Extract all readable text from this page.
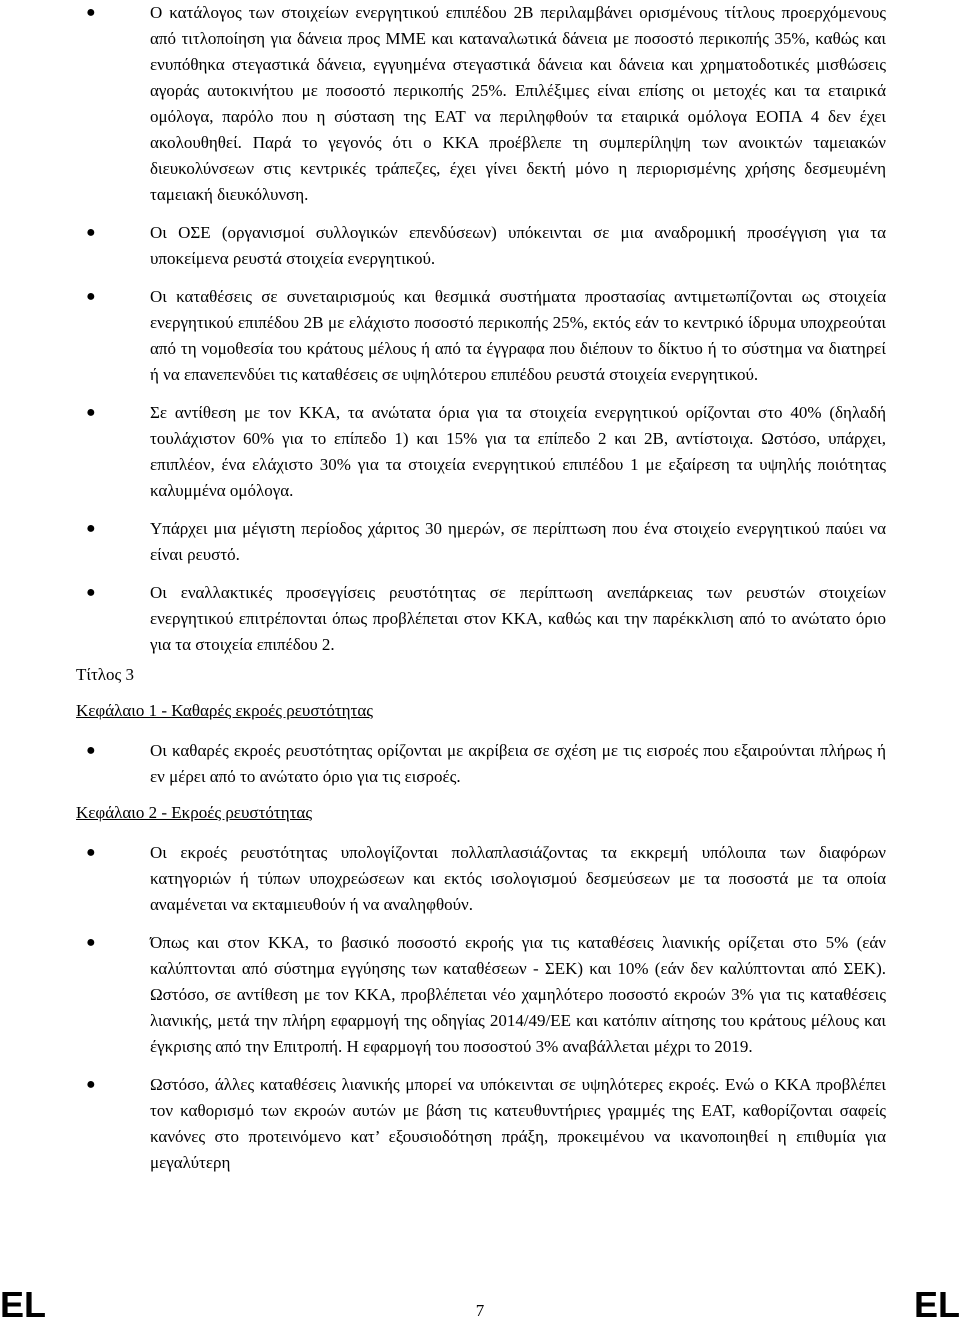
●	Ο κατάλογος των στοιχείων ενεργητικού επιπέδου 2Β περιλαμβάνει ορισμένους τίτλους προερχόμενους από τιτλοποίηση για δάνεια προς ΜΜΕ και καταναλωτικά δάνεια με ποσοστό περικοπής 35%, καθώς και ενυπόθηκα στεγαστικά δάνεια, εγγυημένα στεγαστικά δάνεια και δάνεια και χρηματοδοτικές μισθώσεις αγοράς αυτοκινήτου με ποσοστό περικοπής 25%. Επιλέξιμες είναι επίσης οι μετοχές και τα εταιρικά ομόλογα, παρόλο που η σύσταση της ΕΑΤ να περιληφθούν τα εταιρικά ομόλογα ΕΟΠΑ 4 δεν έχει ακολουθηθεί. Παρά το γεγονός ότι ο ΚΚΑ προέβλεπε τη συμπερίληψη των ανοικτών ταμειακών διευκολύνσεων στις κεντρικές τράπεζες, έχει γίνει δεκτή μόνο η περιορισμένης χρήσης δεσμευμένη ταμειακή διευκόλυνση.
●	Οι ΟΣΕ (οργανισμοί συλλογικών επενδύσεων) υπόκεινται σε μια αναδρομική προσέγγιση για τα υποκείμενα ρευστά στοιχεία ενεργητικού.
●	Οι καταθέσεις σε συνεταιρισμούς και θεσμικά συστήματα προστασίας αντιμετωπίζονται ως στοιχεία ενεργητικού επιπέδου 2Β με ελάχιστο ποσοστό περικοπής 25%, εκτός εάν το κεντρικό ίδρυμα υποχρεούται από τη νομοθεσία του κράτους μέλους ή από τα έγγραφα που διέπουν το δίκτυο ή το σύστημα να διατηρεί ή να επανεπενδύει τις καταθέσεις σε υψηλότερου επιπέδου ρευστά στοιχεία ενεργητικού.
●	Σε αντίθεση με τον ΚΚΑ, τα ανώτατα όρια για τα στοιχεία ενεργητικού ορίζονται στο 40% (δηλαδή τουλάχιστον 60% για το επίπεδο 1) και 15% για τα επίπεδο 2 και 2Β, αντίστοιχα. Ωστόσο, υπάρχει, επιπλέον, ένα ελάχιστο 30% για τα στοιχεία ενεργητικού επιπέδου 1 με εξαίρεση τα υψηλής ποιότητας καλυμμένα ομόλογα.
●	Υπάρχει μια μέγιστη περίοδος χάριτος 30 ημερών, σε περίπτωση που ένα στοιχείο ενεργητικού παύει να είναι ρευστό.
●	Οι εναλλακτικές προσεγγίσεις ρευστότητας σε περίπτωση ανεπάρκειας των ρευστών στοιχείων ενεργητικού επιτρέπονται όπως προβλέπεται στον ΚΚΑ, καθώς και την παρέκκλιση από το ανώτατο όριο για τα στοιχεία επιπέδου 2.
Τίτλος 3
Κεφάλαιο 1 - Καθαρές εκροές ρευστότητας
●	Οι καθαρές εκροές ρευστότητας ορίζονται με ακρίβεια σε σχέση με τις εισροές που εξαιρούνται πλήρως ή εν μέρει από το ανώτατο όριο για τις εισροές.
Κεφάλαιο 2 - Εκροές ρευστότητας
●	Οι εκροές ρευστότητας υπολογίζονται πολλαπλασιάζοντας τα εκκρεμή υπόλοιπα των διαφόρων κατηγοριών ή τύπων υποχρεώσεων και εκτός ισολογισμού δεσμεύσεων με τα ποσοστά με τα οποία αναμένεται να εκταμιευθούν ή να αναληφθούν.
●	Όπως και στον ΚΚΑ, το βασικό ποσοστό εκροής για τις καταθέσεις λιανικής ορίζεται στο 5% (εάν καλύπτονται από σύστημα εγγύησης των καταθέσεων - ΣΕΚ) και 10% (εάν δεν καλύπτονται από ΣΕΚ). Ωστόσο, σε αντίθεση με τον ΚΚΑ, προβλέπεται νέο χαμηλότερο ποσοστό εκροών 3% για τις καταθέσεις λιανικής, μετά την πλήρη εφαρμογή της οδηγίας 2014/49/ΕΕ και κατόπιν αίτησης του κράτους μέλους και έγκρισης από την Επιτροπή. Η εφαρμογή του ποσοστού 3% αναβάλλεται μέχρι το 2019.
●	Ωστόσο, άλλες καταθέσεις λιανικής μπορεί να υπόκεινται σε υψηλότερες εκροές. Ενώ ο ΚΚΑ προβλέπει τον καθορισμό των εκροών αυτών με βάση τις κατευθυντήριες γραμμές της ΕΑΤ, καθορίζονται σαφείς κανόνες στο προτεινόμενο κατ’ εξουσιοδότηση πράξη, προκειμένου να ικανοποιηθεί η επιθυμία για μεγαλύτερη
EL	7	EL
